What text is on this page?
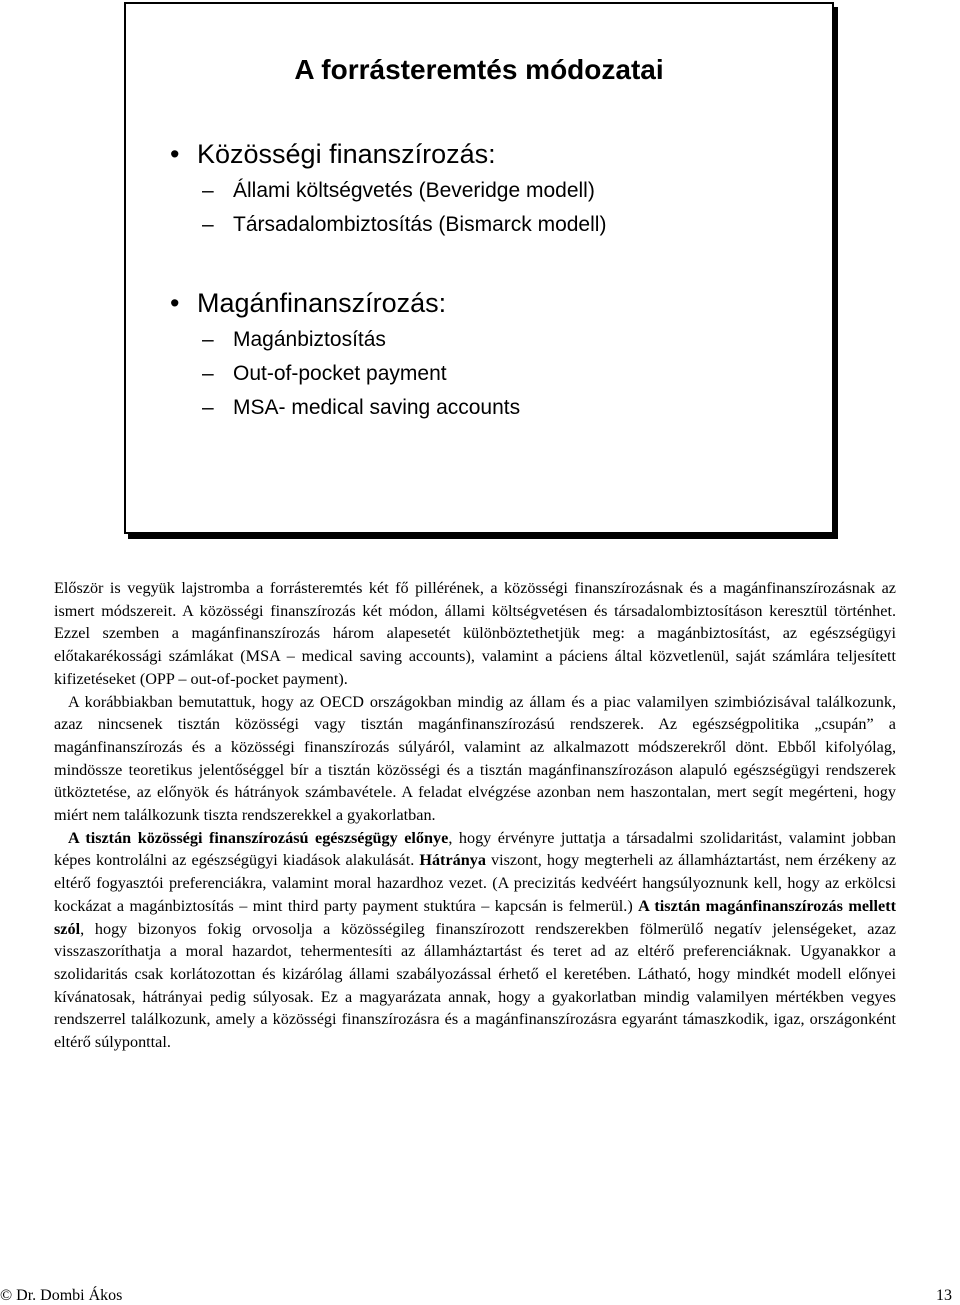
A forrásteremtés módozatai
• Közösségi finanszírozás:
– Állami költségvetés (Beveridge modell)
– Társadalombiztosítás (Bismarck modell)
• Magánfinanszírozás:
– Magánbiztosítás
– Out-of-pocket payment
– MSA- medical saving accounts

Először is vegyük lajstromba a forrásteremtés két fő pillérének, a közösségi finanszírozásnak és a magánfinanszírozásnak az ismert módszereit. A közösségi finanszírozás két módon, állami költségvetésen és társadalombiztosításon keresztül történhet. Ezzel szemben a magánfinanszírozás három alapesetét különböztethetjük meg: a magánbiztosítást, az egészségügyi előtakarékossági számlákat (MSA – medical saving accounts), valamint a páciens által közvetlenül, saját számlára teljesített kifizetéseket (OPP – out-of-pocket payment).

A korábbiakban bemutattuk, hogy az OECD országokban mindig az állam és a piac valamilyen szimbiózisával találkozunk, azaz nincsenek tisztán közösségi vagy tisztán magánfinanszírozású rendszerek. Az egészségpolitika „csupán” a magánfinanszírozás és a közösségi finanszírozás súlyáról, valamint az alkalmazott módszerekről dönt. Ebből kifolyólag, mindössze teoretikus jelentőséggel bír a tisztán közösségi és a tisztán magánfinanszírozáson alapuló egészségügyi rendszerek ütköztetése, az előnyök és hátrányok számbavétele. A feladat elvégzése azonban nem haszontalan, mert segít megérteni, hogy miért nem találkozunk tiszta rendszerekkel a gyakorlatban.

A tisztán közösségi finanszírozású egészségügy előnye, hogy érvényre juttatja a társadalmi szolidaritást, valamint jobban képes kontrolálni az egészségügyi kiadások alakulását. Hátránya viszont, hogy megterheli az államháztartást, nem érzékeny az eltérő fogyasztói preferenciákra, valamint moral hazardhoz vezet. (A precizitás kedvéért hangsúlyoznunk kell, hogy az erkölcsi kockázat a magánbiztosítás – mint third party payment stuktúra – kapcsán is felmerül.) A tisztán magánfinanszírozás mellett szól, hogy bizonyos fokig orvosolja a közösségileg finanszírozott rendszerekben fölmerülő negatív jelenségeket, azaz visszaszoríthatja a moral hazardot, tehermentesíti az államháztartást és teret ad az eltérő preferenciáknak. Ugyanakkor a szolidaritás csak korlátozottan és kizárólag állami szabályozással érhető el keretében. Látható, hogy mindkét modell előnyei kívánatosak, hátrányai pedig súlyosak. Ez a magyarázata annak, hogy a gyakorlatban mindig valamilyen mértékben vegyes rendszerrel találkozunk, amely a közösségi finanszírozásra és a magánfinanszírozásra egyaránt támaszkodik, igaz, országonként eltérő súlyponttal.

© Dr. Dombi Ákos	13
